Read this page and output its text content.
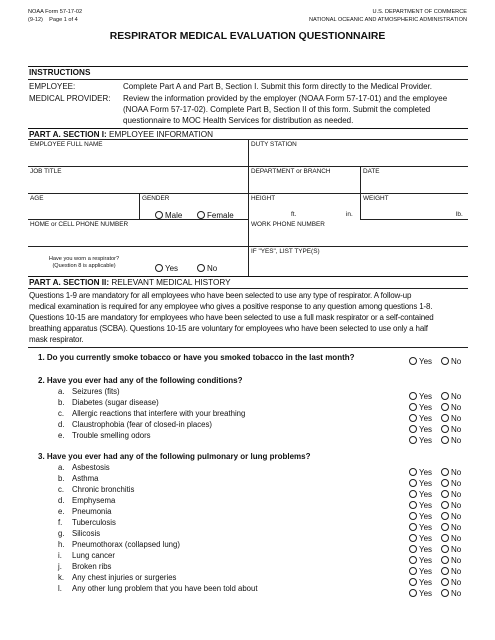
NOAA Form 57-17-02
(9-12) Page 1 of 4
U.S. DEPARTMENT OF COMMERCE
NATIONAL OCEANIC AND ATMOSPHERIC ADMINISTRATION
RESPIRATOR MEDICAL EVALUATION QUESTIONNAIRE
INSTRUCTIONS
EMPLOYEE:	Complete Part A and Part B, Section I. Submit this form directly to the Medical Provider.
MEDICAL PROVIDER: Review the information provided by the employer (NOAA Form 57-17-01) and the employee
(NOAA Form 57-17-02). Complete Part B, Section II of this form. Submit the completed
questionnaire to MOC Health Services for distribution as needed.
PART A. SECTION I: EMPLOYEE INFORMATION
EMPLOYEE FULL NAME	DUTY STATION
JOB TITLE	DEPARTMENT or BRANCH	DATE
AGE	GENDER
Male	Female
HEIGHT
ft.	in.
WEIGHT
lb.
HOME or CELL PHONE NUMBER	WORK PHONE NUMBER
Have you worn a respirator?
(Question 8 is applicable)	Yes	No
IF "YES", LIST TYPE(S)
PART A. SECTION II: RELEVANT MEDICAL HISTORY
Questions 1-9 are mandatory for all employees who have been selected to use any type of respirator. A follow-up
medical examination is required for any employee who gives a positive response to any question among questions 1-8.
Questions 10-15 are mandatory for employees who have been selected to use a full mask respirator or a self-contained
breathing apparatus (SCBA). Questions 10-15 are voluntary for employees who have been selected to use only a half
mask respirator.
1. Do you currently smoke tobacco or have you smoked tobacco in the last month?	Yes No
2. Have you ever had any of the following conditions?
a. Seizures (fits)	Yes No
b. Diabetes (sugar disease)	Yes No
c. Allergic reactions that interfere with your breathing	Yes No
d. Claustrophobia (fear of closed-in places)	Yes No
e. Trouble smelling odors	Yes No
3. Have you ever had any of the following pulmonary or lung problems?
a. Asbestosis	Yes No
b. Asthma	Yes No
c. Chronic bronchitis	Yes No
d. Emphysema	Yes No
e. Pneumonia	Yes No
f. Tuberculosis	Yes No
g. Silicosis	Yes No
h. Pneumothorax (collapsed lung)	Yes No
i. Lung cancer	Yes No
j. Broken ribs	Yes No
k. Any chest injuries or surgeries	Yes No
l. Any other lung problem that you have been told about	Yes No
